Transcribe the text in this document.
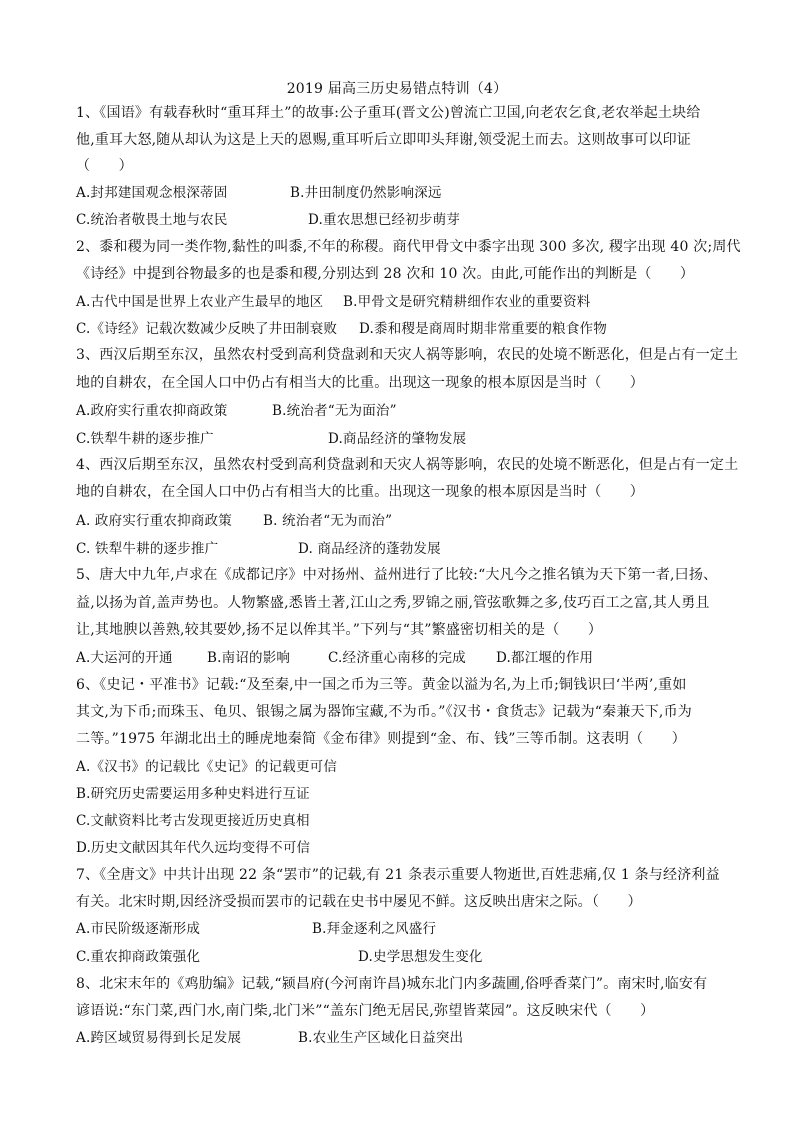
2019 届高三历史易错点特训（4）
1、《国语》有载春秋时“重耳拜土”的故事:公子重耳(晋文公)曾流亡卫国,向老农乞食,老农举起土块给
他,重耳大怒,随从却认为这是上天的恩赐,重耳听后立即叩头拜谢,领受泥土而去。这则故事可以印证
（　　）
A.封邦建国观念根深蒂固	B.井田制度仍然影响深远
C.统治者敬畏土地与农民	D.重农思想已经初步萌芽
2、黍和稷为同一类作物,黏性的叫黍,不年的称稷。商代甲骨文中黍字出现 300 多次, 稷字出现 40 次;周代
《诗经》中提到谷物最多的也是黍和稷,分别达到 28 次和 10 次。由此,可能作出的判断是（　　）
A.古代中国是世界上农业产生最早的地区 B.甲骨文是研究精耕细作农业的重要资料
C.《诗经》记载次数减少反映了井田制衰败 D.黍和稷是商周时期非常重要的粮食作物
3、西汉后期至东汉，虽然农村受到高利贷盘剥和天灾人祸等影响，农民的处境不断恶化，但是占有一定土
地的自耕农，在全国人口中仍占有相当大的比重。出现这一现象的根本原因是当时（　　）
A.政府实行重农抑商政策	B.统治者“无为面治”
C.铁犁牛耕的逐步推广	D.商品经济的肇物发展
4、西汉后期至东汉，虽然农村受到高利贷盘剥和天灾人祸等影响，农民的处境不断恶化，但是占有一定土
地的自耕农，在全国人口中仍占有相当大的比重。出现这一现象的根本原因是当时（　　）
A. 政府实行重农抑商政策 B. 统治者“无为而治”
C. 铁犁牛耕的逐步推广	D. 商品经济的蓬勃发展
5、唐大中九年,卢求在《成都记序》中对扬州、益州进行了比较:“大凡今之推名镇为天下第一者,曰扬、
益,以扬为首,盖声势也。人物繁盛,悉皆土著,江山之秀,罗锦之丽,管弦歌舞之多,伎巧百工之富,其人勇且
让,其地腴以善熟,较其要妙,扬不足以侔其半。”下列与“其”繁盛密切相关的是（　　）
A.大运河的开通	B.南诏的影响	C.经济重心南移的完成 D.都江堰的作用
6、《史记・平准书》记载:“及至秦,中一国之币为三等。黄金以溢为名,为上币;铜钱识曰‘半两’,重如
其文,为下币;而珠玉、龟贝、银锡之属为器饰宝藏,不为币。”《汉书・食货志》记载为“秦兼天下,币为
二等。”1975 年湖北出土的睡虎地秦简《金布律》则提到“金、布、钱”三等币制。这表明（　　）
A.《汉书》的记载比《史记》的记载更可信
B.研究历史需要运用多种史料进行互证
C.文献资料比考古发现更接近历史真相
D.历史文献因其年代久远均变得不可信
7、《全唐文》中共计出现 22 条“罢市”的记载,有 21 条表示重要人物逝世,百姓悲痛,仅 1 条与经济利益
有关。北宋时期,因经济受损而罢市的记载在史书中屡见不鲜。这反映出唐宋之际。（　　）
A.市民阶级逐渐形成	B.拜金逐利之风盛行
C.重农抑商政策强化	D.史学思想发生变化
8、北宋末年的《鸡肋编》记载,“颍昌府(今河南许昌)城东北门内多蔬圃,俗呼香菜门”。南宋时,临安有
谚语说:“东门菜,西门水,南门柴,北门米”“盖东门绝无居民,弥望皆菜园”。这反映宋代（　　）
A.跨区域贸易得到长足发展	B.农业生产区域化日益突出
